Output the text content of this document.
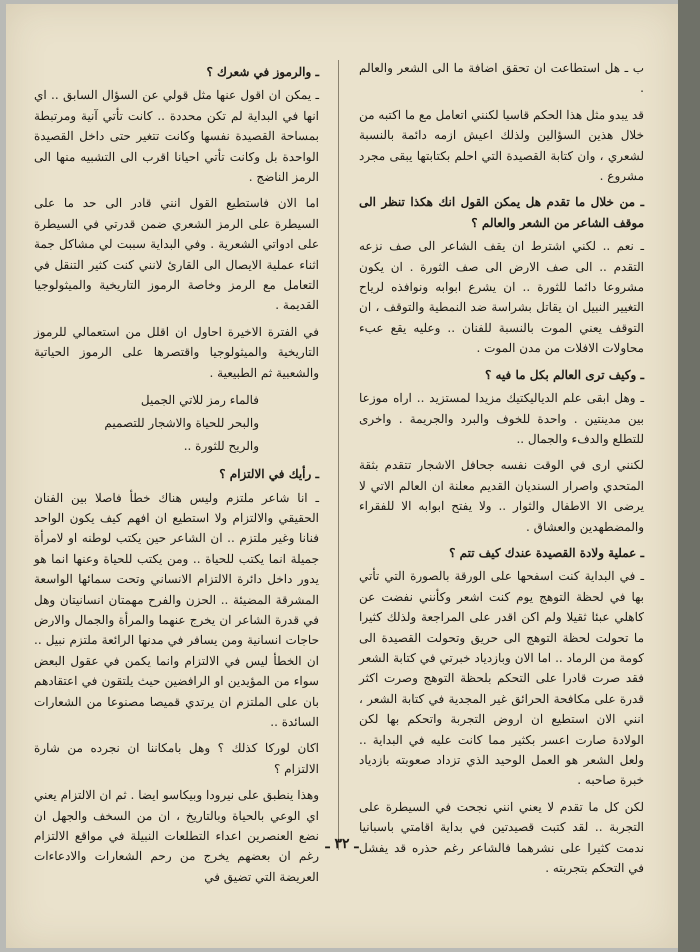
ب ـ هل استطاعت ان تحقق اضافة ما الى الشعر والعالم .
قد يبدو مثل هذا الحكم قاسيا لكنني اتعامل مع ما اكتبه من خلال هذين السؤالين ولذلك اعيش ازمه دائمة بالنسبة لشعري ، وان كتابة القصيدة التي احلم بكتابتها يبقى مجرد مشروع .
ـ من خلال ما تقدم هل يمكن القول انك هكذا تنظر الى موقف الشاعر من الشعر والعالم ؟
ـ نعم .. لكني اشترط ان يقف الشاعر الى صف نزعه التقدم .. الى صف الارض الى صف الثورة . ان يكون مشروعا دائما للثورة .. ان يشرع ابوابه ونوافذه لرياح التغيير النبيل ان يقاتل بشراسة ضد النمطية والتوقف ، ان التوقف يعني الموت بالنسبة للفنان .. وعليه يقع عبء محاولات الافلات من مدن الموت .
ـ وكيف ترى العالم بكل ما فيه ؟
ـ وهل ابقى علم الدياليكتيك مزيدا لمستزيد .. اراه موزعا بين مدينتين . واحدة للخوف والبرد والجريمة . واخرى للتطلع والدفء والجمال ..
لكنني ارى في الوقت نفسه جحافل الاشجار تتقدم بثقة المتحدي واصرار السنديان القديم معلنة ان العالم الاتي لا يرضى الا الاطفال والثوار .. ولا يفتح ابوابه الا للفقراء والمضطهدين والعشاق .
ـ عملية ولادة القصيدة عندك كيف تتم ؟
ـ في البداية كنت اسفحها على الورقة بالصورة التي تأتي بها في لحظة التوهج يوم كنت اشعر وكأنني نفضت عن كاهلي عبئا ثقيلا ولم اكن اقدر على المراجعة ولذلك كثيرا ما تحولت لحظة التوهج الى حريق وتحولت القصيدة الى كومة من الرماد .. اما الان وبازدياد خبرتي في كتابة الشعر فقد صرت قادرا على التحكم بلحظة التوهج وصرت اكثر قدرة على مكافحة الحرائق غير المجدية في كتابة الشعر ، انني الان استطيع ان اروض التجربة واتحكم بها لكن الولادة صارت اعسر بكثير مما كانت عليه في البداية .. ولعل الشعر هو العمل الوحيد الذي تزداد صعوبته بازدياد خبرة صاحبه .
لكن كل ما تقدم لا يعني انني نجحت في السيطرة على التجربة .. لقد كتبت قصيدتين في بداية اقامتي باسبانيا ندمت كثيرا على نشرهما فالشاعر رغم حذره قد يفشل في التحكم بتجربته .
ـ والرموز في شعرك ؟
ـ يمكن ان اقول عنها مثل قولي عن السؤال السابق .. اي انها في البداية لم تكن محددة .. كانت تأتي آنية ومرتبطة بمساحة القصيدة نفسها وكانت تتغير حتى داخل القصيدة الواحدة بل وكانت تأتي احيانا اقرب الى التشبيه منها الى الرمز الناضج .
اما الان فاستطيع القول انني قادر الى حد ما على السيطرة على الرمز الشعري ضمن قدرتي في السيطرة على ادواتي الشعرية . وفي البداية سببت لي مشاكل جمة اثناء عملية الايصال الى القارئ لانني كنت كثير التنقل في التعامل مع الرمز وخاصة الرموز التاريخية والميثولوجيا القديمة .
في الفترة الاخيرة احاول ان اقلل من استعمالي للرموز التاريخية والميثولوجيا واقتصرها على الرموز الحياتية والشعبية ثم الطبيعية .
فالماء رمز للاتي الجميل
والبحر للحياة والاشجار للتصميم
والريح للثورة ..
ـ رأيك في الالتزام ؟
ـ انا شاعر ملتزم وليس هناك خطأ فاصلا بين الفنان الحقيقي والالتزام ولا استطيع ان افهم كيف يكون الواحد فنانا وغير ملتزم .. ان الشاعر حين يكتب لوطنه او لامرأة جميلة انما يكتب للحياة .. ومن يكتب للحياة وعنها انما هو يدور داخل دائرة الالتزام الانساني وتحت سمائها الواسعة المشرقة المضيئة .. الحزن والفرح مهمتان انسانيتان وهل في قدرة الشاعر ان يخرج عنهما والمرأة والجمال والارض حاجات انسانية ومن يسافر في مدنها الرائعة ملتزم نبيل .. ان الخطأ ليس في الالتزام وانما يكمن في عقول البعض سواء من المؤيدين او الرافضين حيث يلتقون في اعتقادهم بان على الملتزم ان يرتدي قميصا مصنوعا من الشعارات السائدة ..
اكان لوركا كذلك ؟ وهل بامكاننا ان نجرده من شارة الالتزام ؟
وهذا ينطبق على نيرودا وبيكاسو ايضا . ثم ان الالتزام يعني اي الوعي بالحياة وبالتاريخ ، ان من السخف والجهل ان نضع العنصرين اعداء التطلعات النبيلة في مواقع الالتزام رغم ان بعضهم يخرج من رحم الشعارات والادعاءات العريضة التي تضيق في
ـ ٣٢ ـ
